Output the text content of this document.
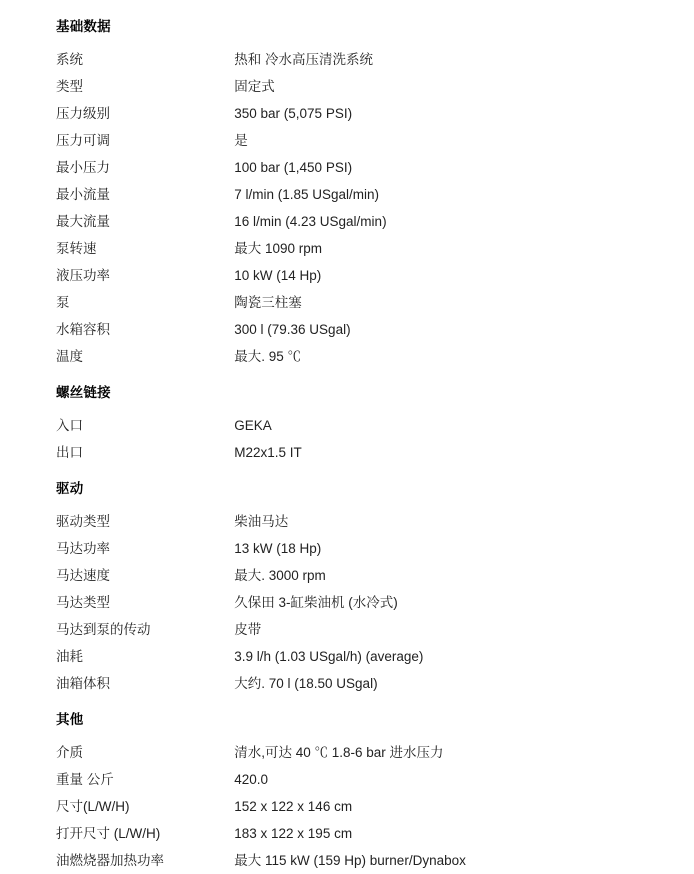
基础数据
系统	热和 冷水高压清洗系统
类型	固定式
压力级别	350 bar (5,075 PSI)
压力可调	是
最小压力	100 bar (1,450 PSI)
最小流量	7 l/min (1.85 USgal/min)
最大流量	16 l/min (4.23 USgal/min)
泵转速	最大 1090 rpm
液压功率	10 kW (14 Hp)
泵	陶瓷三柱塞
水箱容积	300 l (79.36 USgal)
温度	最大. 95 ℃
螺丝链接
入口	GEKA
出口	M22x1.5 IT
驱动
驱动类型	柴油马达
马达功率	13 kW (18 Hp)
马达速度	最大. 3000 rpm
马达类型	久保田 3-缸柴油机 (水冷式)
马达到泵的传动	皮带
油耗	3.9 l/h (1.03 USgal/h) (average)
油箱体积	大约. 70 l (18.50 USgal)
其他
介质	清水,可达 40 ℃ 1.8-6 bar 进水压力
重量 公斤	420.0
尺寸(L/W/H)	152 x 122 x 146 cm
打开尺寸 (L/W/H)	183 x 122 x 195 cm
油燃烧器加热功率	最大 115 kW (159 Hp) burner/Dynabox
